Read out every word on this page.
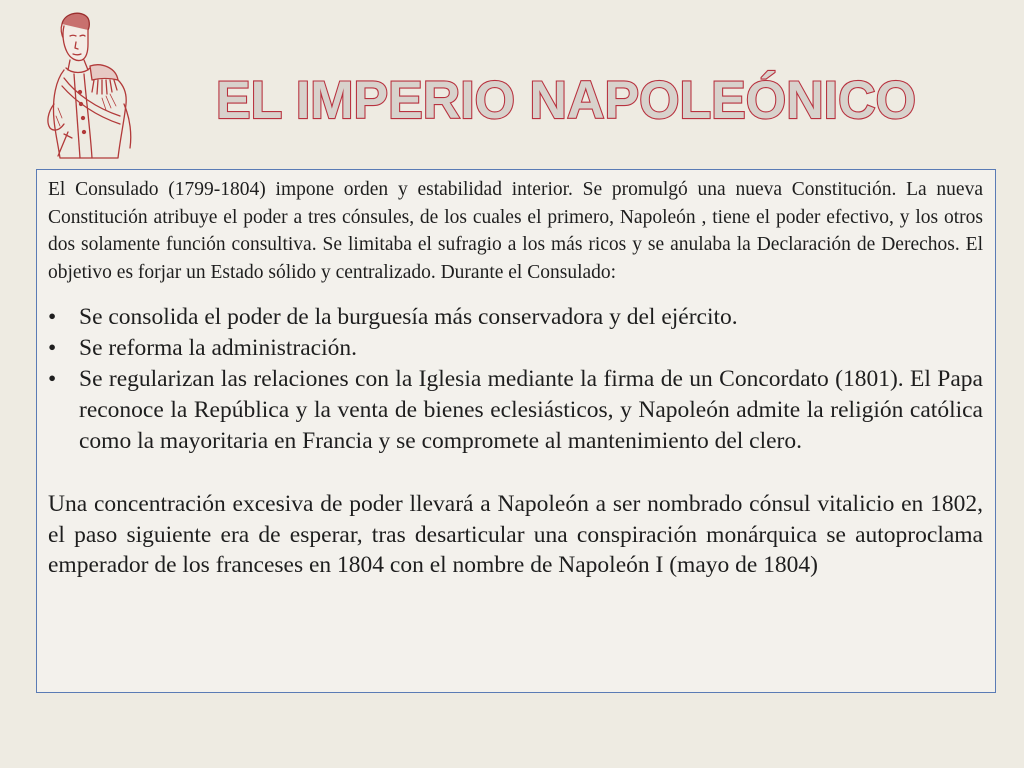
EL IMPERIO NAPOLEÓNICO

El Consulado (1799-1804) impone orden y estabilidad interior. Se promulgó una nueva Constitución. La nueva Constitución atribuye el poder a tres cónsules, de los cuales el primero, Napoleón , tiene el poder efectivo, y los otros dos solamente función consultiva. Se limitaba el sufragio a los más ricos y se anulaba la Declaración de Derechos. El objetivo es forjar un Estado sólido y centralizado. Durante el Consulado:

• Se consolida el poder de la burguesía más conservadora y del ejército.
• Se reforma la administración.
• Se regularizan las relaciones con la Iglesia mediante la firma de un Concordato (1801). El Papa reconoce la República y la venta de bienes eclesiásticos, y Napoleón admite la religión católica como la mayoritaria en Francia y se compromete al mantenimiento del clero.

Una concentración excesiva de poder llevará a Napoleón a ser nombrado cónsul vitalicio en 1802, el paso siguiente era de esperar, tras desarticular una conspiración monárquica se autoproclama emperador de los franceses en 1804 con el nombre de Napoleón I (mayo de 1804)
